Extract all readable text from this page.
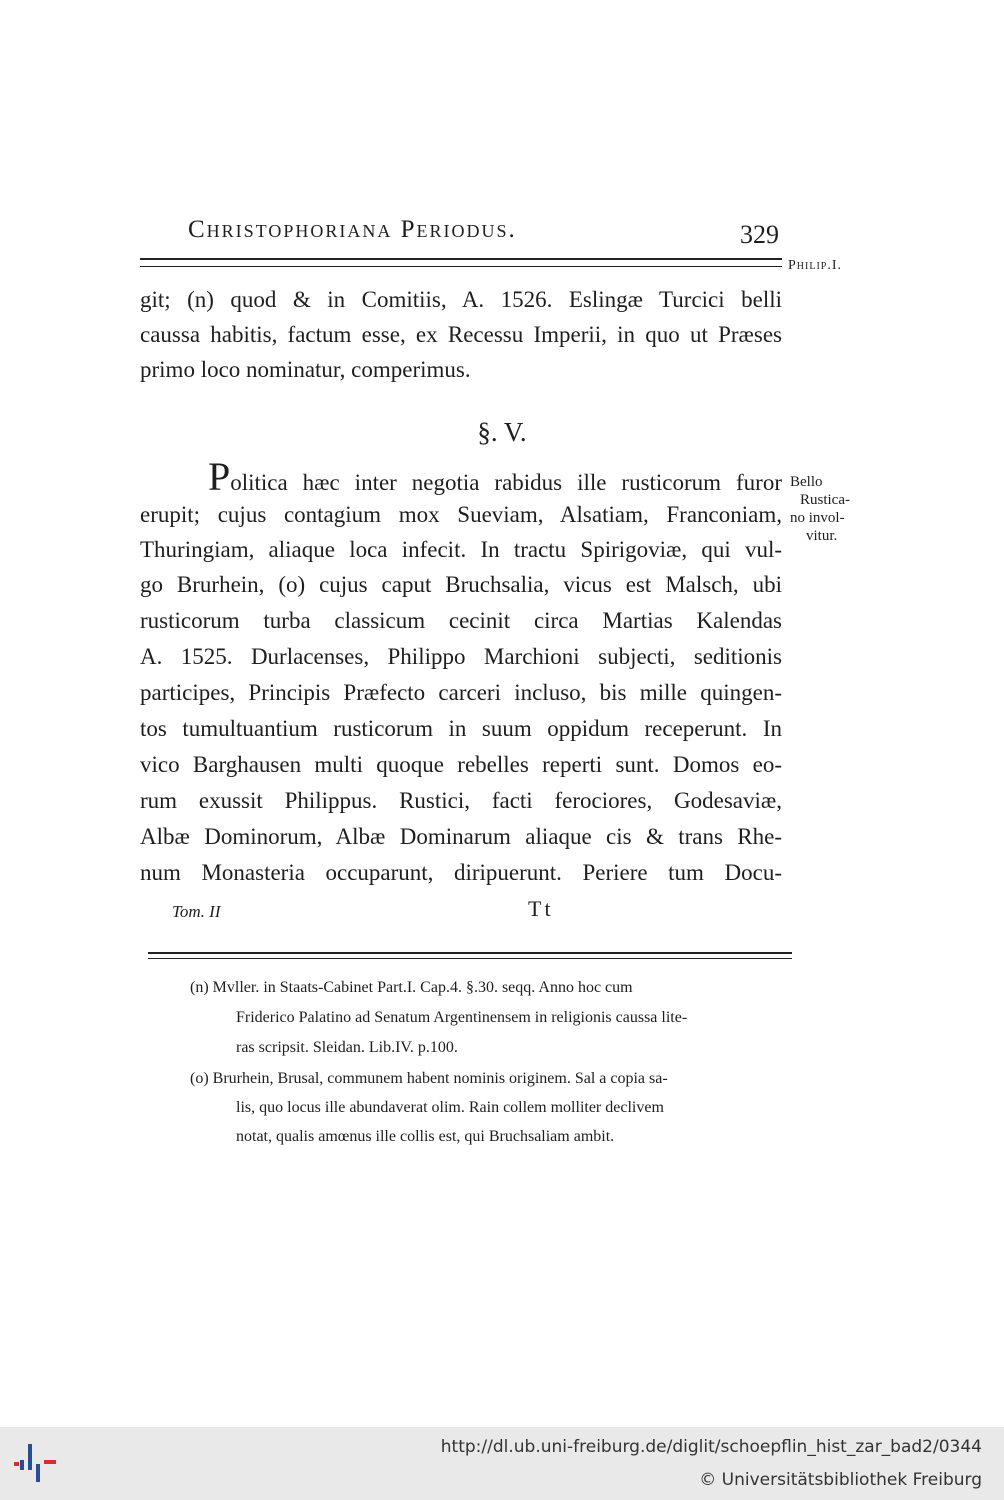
Christophoriana Periodus.	329
Philip.I.
git; (n) quod & in Comitiis, A. 1526. Eslingæ Turcici belli
caussa habitis, factum esse, ex Recessu Imperii, in quo ut Præses
primo loco nominatur, comperimus.
§. V.
Politica hæc inter negotia rabidus ille rusticorum furor
erupit; cujus contagium mox Sueviam, Alsatiam, Franconiam,
Thuringiam, aliaque loca infecit. In tractu Spirigoviæ, qui vul-
go Brurhein, (o) cujus caput Bruchsalia, vicus est Malsch, ubi
rusticorum turba classicum cecinit circa Martias Kalendas
A. 1525. Durlacenses, Philippo Marchioni subjecti, seditionis
participes, Principis Præfecto carceri incluso, bis mille quingen-
tos tumultuantium rusticorum in suum oppidum receperunt. In
vico Barghausen multi quoque rebelles reperti sunt. Domos eo-
rum exussit Philippus. Rustici, facti ferociores, Godesaviæ,
Albæ Dominorum, Albæ Dominarum aliaque cis & trans Rhe-
num Monasteria occuparunt, diripuerunt. Periere tum Docu-
Bello
Rustica-
no invol-
vitur.
Tom. II	Tt
(n) Mvller. in Staats-Cabinet Part.I. Cap.4. §.30. seqq. Anno hoc cum
Friderico Palatino ad Senatum Argentinensem in religionis caussa lite-
ras scripsit. Sleidan. Lib.IV. p.100.
(o) Brurhein, Brusal, communem habent nominis originem. Sal a copia sa-
lis, quo locus ille abundaverat olim. Rain collem molliter declivem
notat, qualis amœnus ille collis est, qui Bruchsaliam ambit.
http://dl.ub.uni-freiburg.de/diglit/schoepflin_hist_zar_bad2/0344
© Universitätsbibliothek Freiburg
